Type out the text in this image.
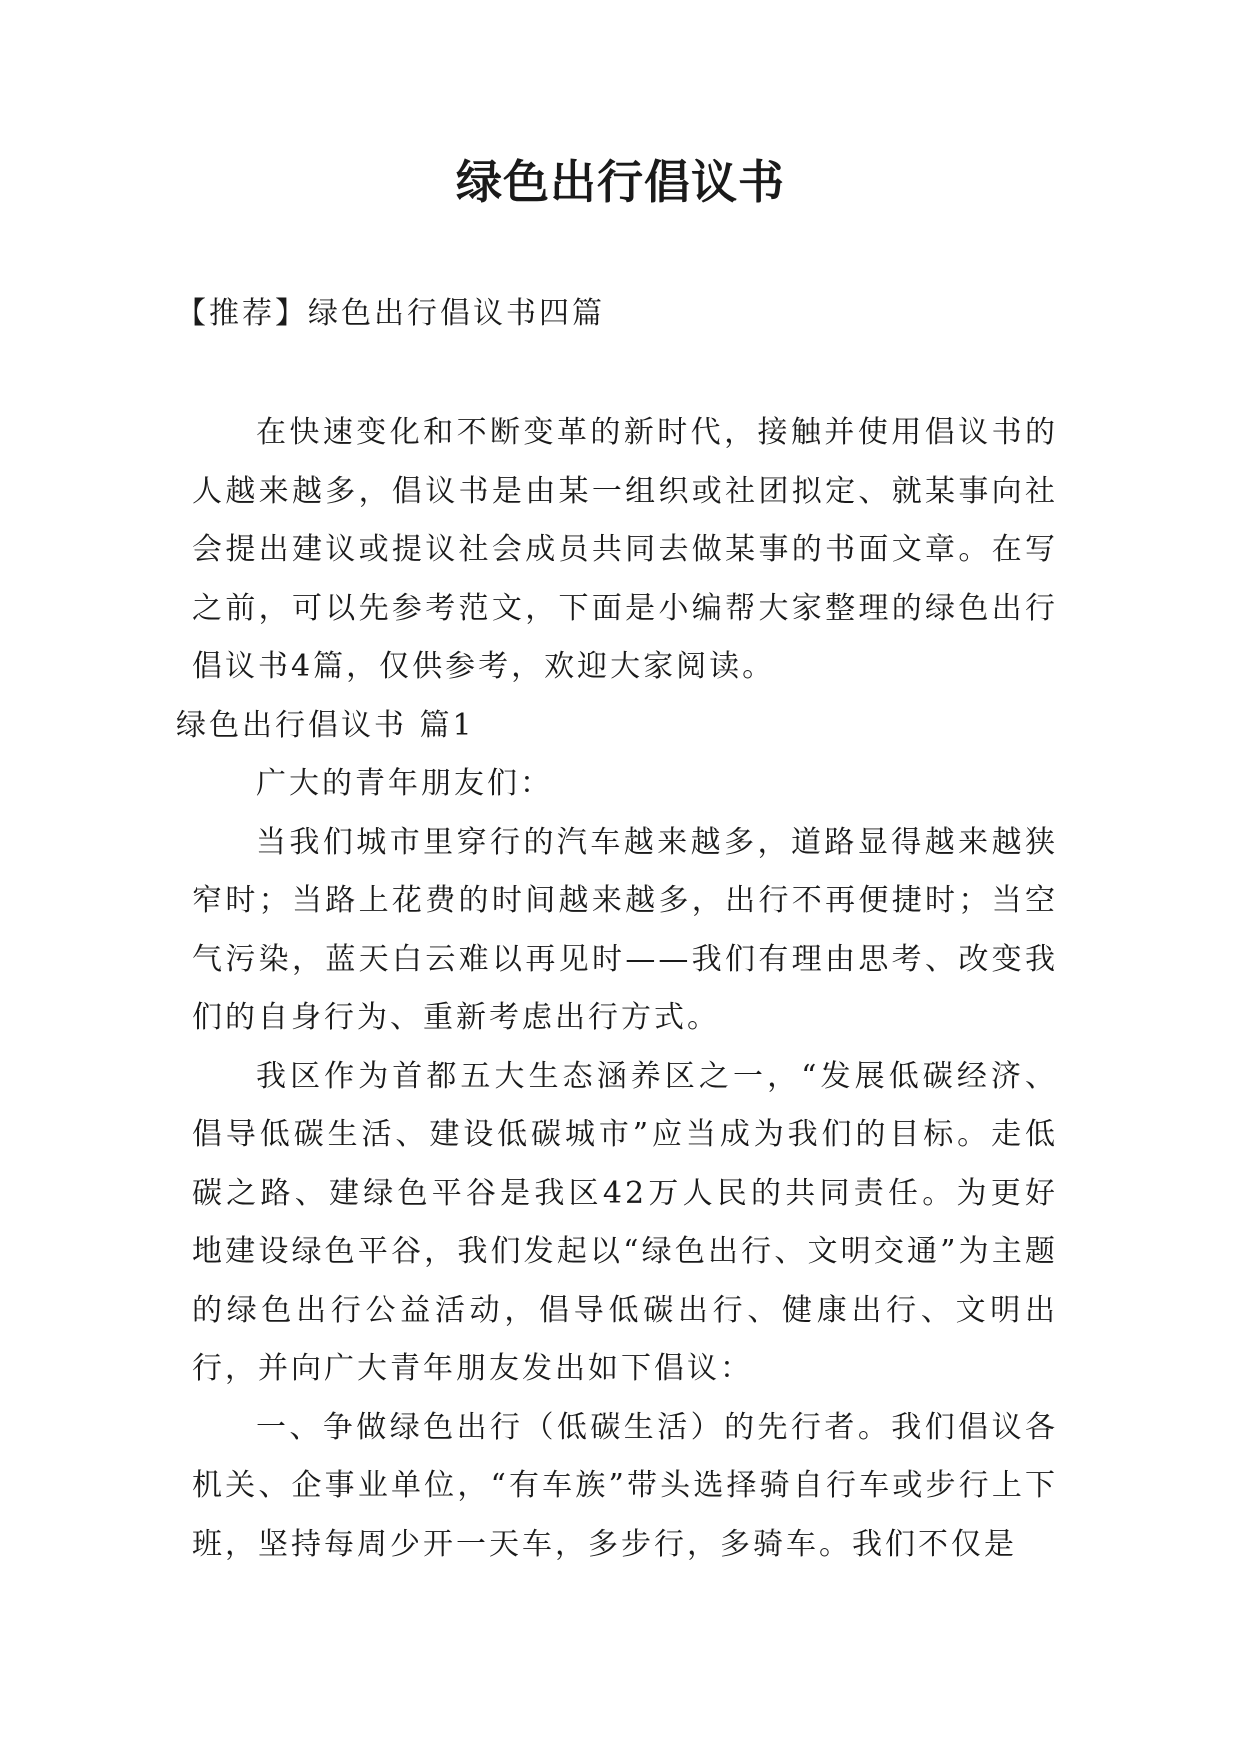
绿色出行倡议书
【推荐】绿色出行倡议书四篇

在快速变化和不断变革的新时代，接触并使用倡议书的人越来越多，倡议书是由某一组织或社团拟定、就某事向社会提出建议或提议社会成员共同去做某事的书面文章。在写之前，可以先参考范文，下面是小编帮大家整理的绿色出行倡议书4篇，仅供参考，欢迎大家阅读。

绿色出行倡议书 篇1

广大的青年朋友们：

当我们城市里穿行的汽车越来越多，道路显得越来越狭窄时；当路上花费的时间越来越多，出行不再便捷时；当空气污染，蓝天白云难以再见时——我们有理由思考、改变我们的自身行为、重新考虑出行方式。

我区作为首都五大生态涵养区之一，“发展低碳经济、倡导低碳生活、建设低碳城市”应当成为我们的目标。走低碳之路、建绿色平谷是我区42万人民的共同责任。为更好地建设绿色平谷，我们发起以“绿色出行、文明交通”为主题的绿色出行公益活动，倡导低碳出行、健康出行、文明出行，并向广大青年朋友发出如下倡议：

一、争做绿色出行（低碳生活）的先行者。我们倡议各机关、企事业单位，“有车族”带头选择骑自行车或步行上下班，坚持每周少开一天车，多步行，多骑车。我们不仅是
